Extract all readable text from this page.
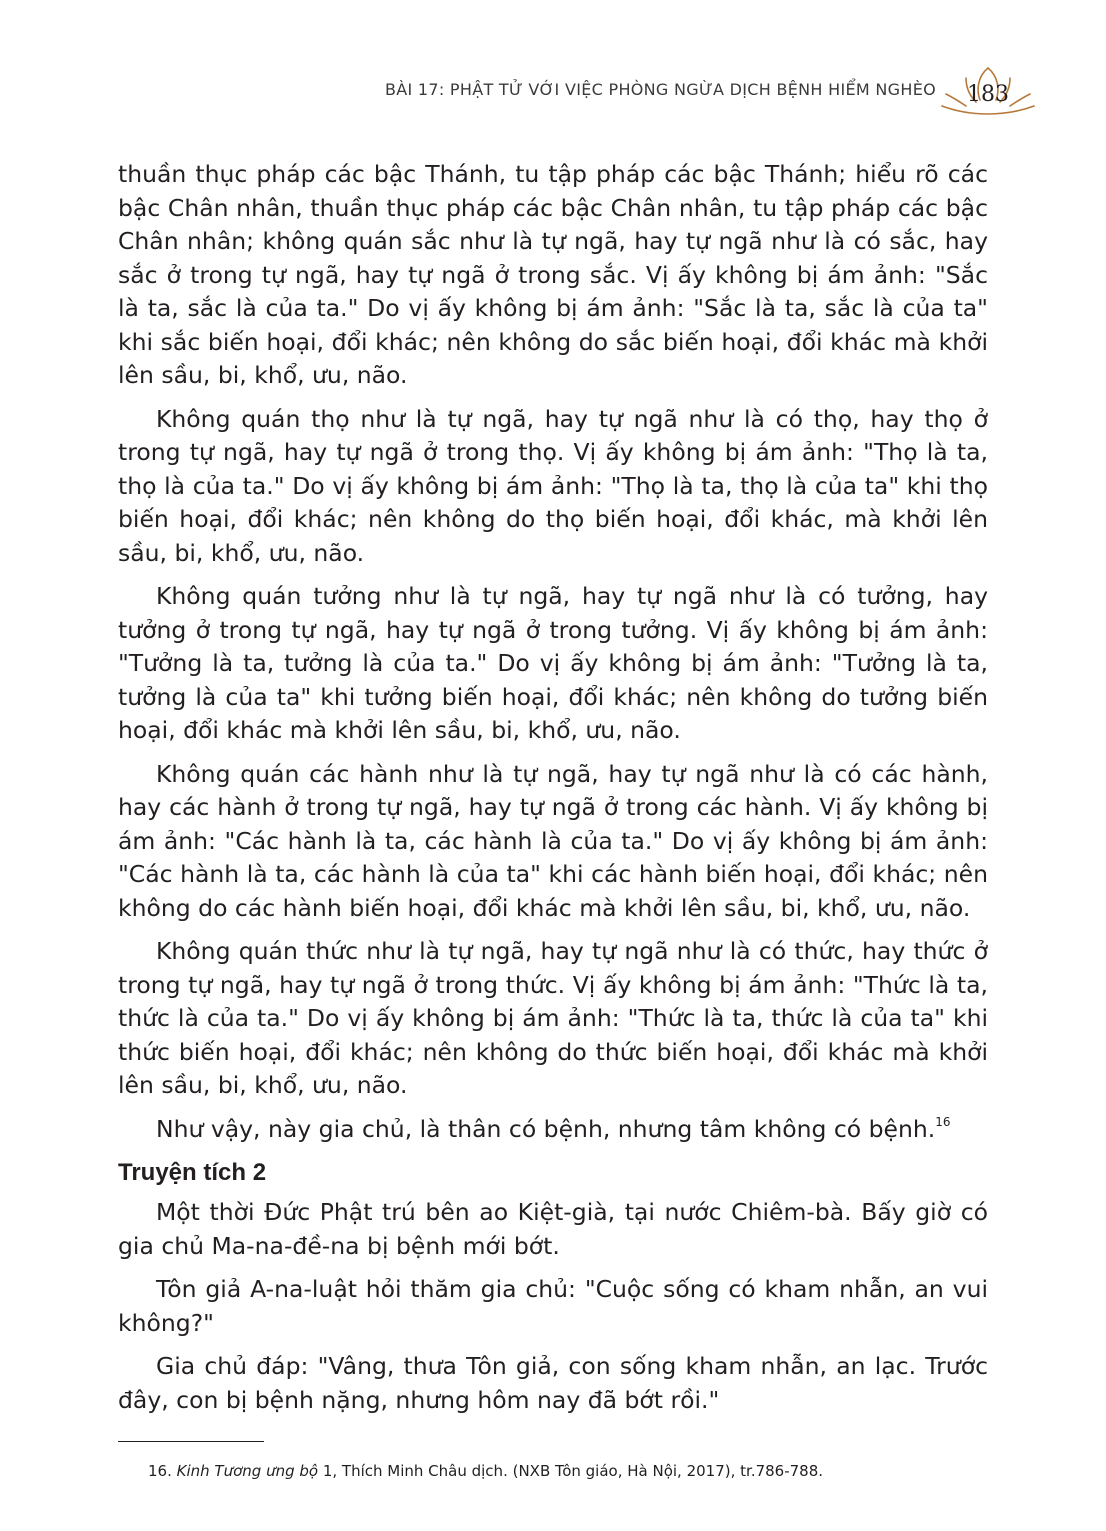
BÀI 17: PHẬT TỬ VỚI VIỆC PHÒNG NGỪA DỊCH BỆNH HIỂM NGHÈO	183

thuần thục pháp các bậc Thánh, tu tập pháp các bậc Thánh; hiểu rõ các bậc Chân nhân, thuần thục pháp các bậc Chân nhân, tu tập pháp các bậc Chân nhân; không quán sắc như là tự ngã, hay tự ngã như là có sắc, hay sắc ở trong tự ngã, hay tự ngã ở trong sắc. Vị ấy không bị ám ảnh: "Sắc là ta, sắc là của ta." Do vị ấy không bị ám ảnh: "Sắc là ta, sắc là của ta" khi sắc biến hoại, đổi khác; nên không do sắc biến hoại, đổi khác mà khởi lên sầu, bi, khổ, ưu, não.

Không quán thọ như là tự ngã, hay tự ngã như là có thọ, hay thọ ở trong tự ngã, hay tự ngã ở trong thọ. Vị ấy không bị ám ảnh: "Thọ là ta, thọ là của ta." Do vị ấy không bị ám ảnh: "Thọ là ta, thọ là của ta" khi thọ biến hoại, đổi khác; nên không do thọ biến hoại, đổi khác, mà khởi lên sầu, bi, khổ, ưu, não.

Không quán tưởng như là tự ngã, hay tự ngã như là có tưởng, hay tưởng ở trong tự ngã, hay tự ngã ở trong tưởng. Vị ấy không bị ám ảnh: "Tưởng là ta, tưởng là của ta." Do vị ấy không bị ám ảnh: "Tưởng là ta, tưởng là của ta" khi tưởng biến hoại, đổi khác; nên không do tưởng biến hoại, đổi khác mà khởi lên sầu, bi, khổ, ưu, não.

Không quán các hành như là tự ngã, hay tự ngã như là có các hành, hay các hành ở trong tự ngã, hay tự ngã ở trong các hành. Vị ấy không bị ám ảnh: "Các hành là ta, các hành là của ta." Do vị ấy không bị ám ảnh: "Các hành là ta, các hành là của ta" khi các hành biến hoại, đổi khác; nên không do các hành biến hoại, đổi khác mà khởi lên sầu, bi, khổ, ưu, não.

Không quán thức như là tự ngã, hay tự ngã như là có thức, hay thức ở trong tự ngã, hay tự ngã ở trong thức. Vị ấy không bị ám ảnh: "Thức là ta, thức là của ta." Do vị ấy không bị ám ảnh: "Thức là ta, thức là của ta" khi thức biến hoại, đổi khác; nên không do thức biến hoại, đổi khác mà khởi lên sầu, bi, khổ, ưu, não.

Như vậy, này gia chủ, là thân có bệnh, nhưng tâm không có bệnh.$^{16}$

Truyện tích 2

Một thời Đức Phật trú bên ao Kiệt-già, tại nước Chiêm-bà. Bấy giờ có gia chủ Ma-na-đề-na bị bệnh mới bớt.

Tôn giả A-na-luật hỏi thăm gia chủ: "Cuộc sống có kham nhẫn, an vui không?"

Gia chủ đáp: "Vâng, thưa Tôn giả, con sống kham nhẫn, an lạc. Trước đây, con bị bệnh nặng, nhưng hôm nay đã bớt rồi."

16. Kinh Tương ưng bộ 1, Thích Minh Châu dịch. (NXB Tôn giáo, Hà Nội, 2017), tr.786-788.
